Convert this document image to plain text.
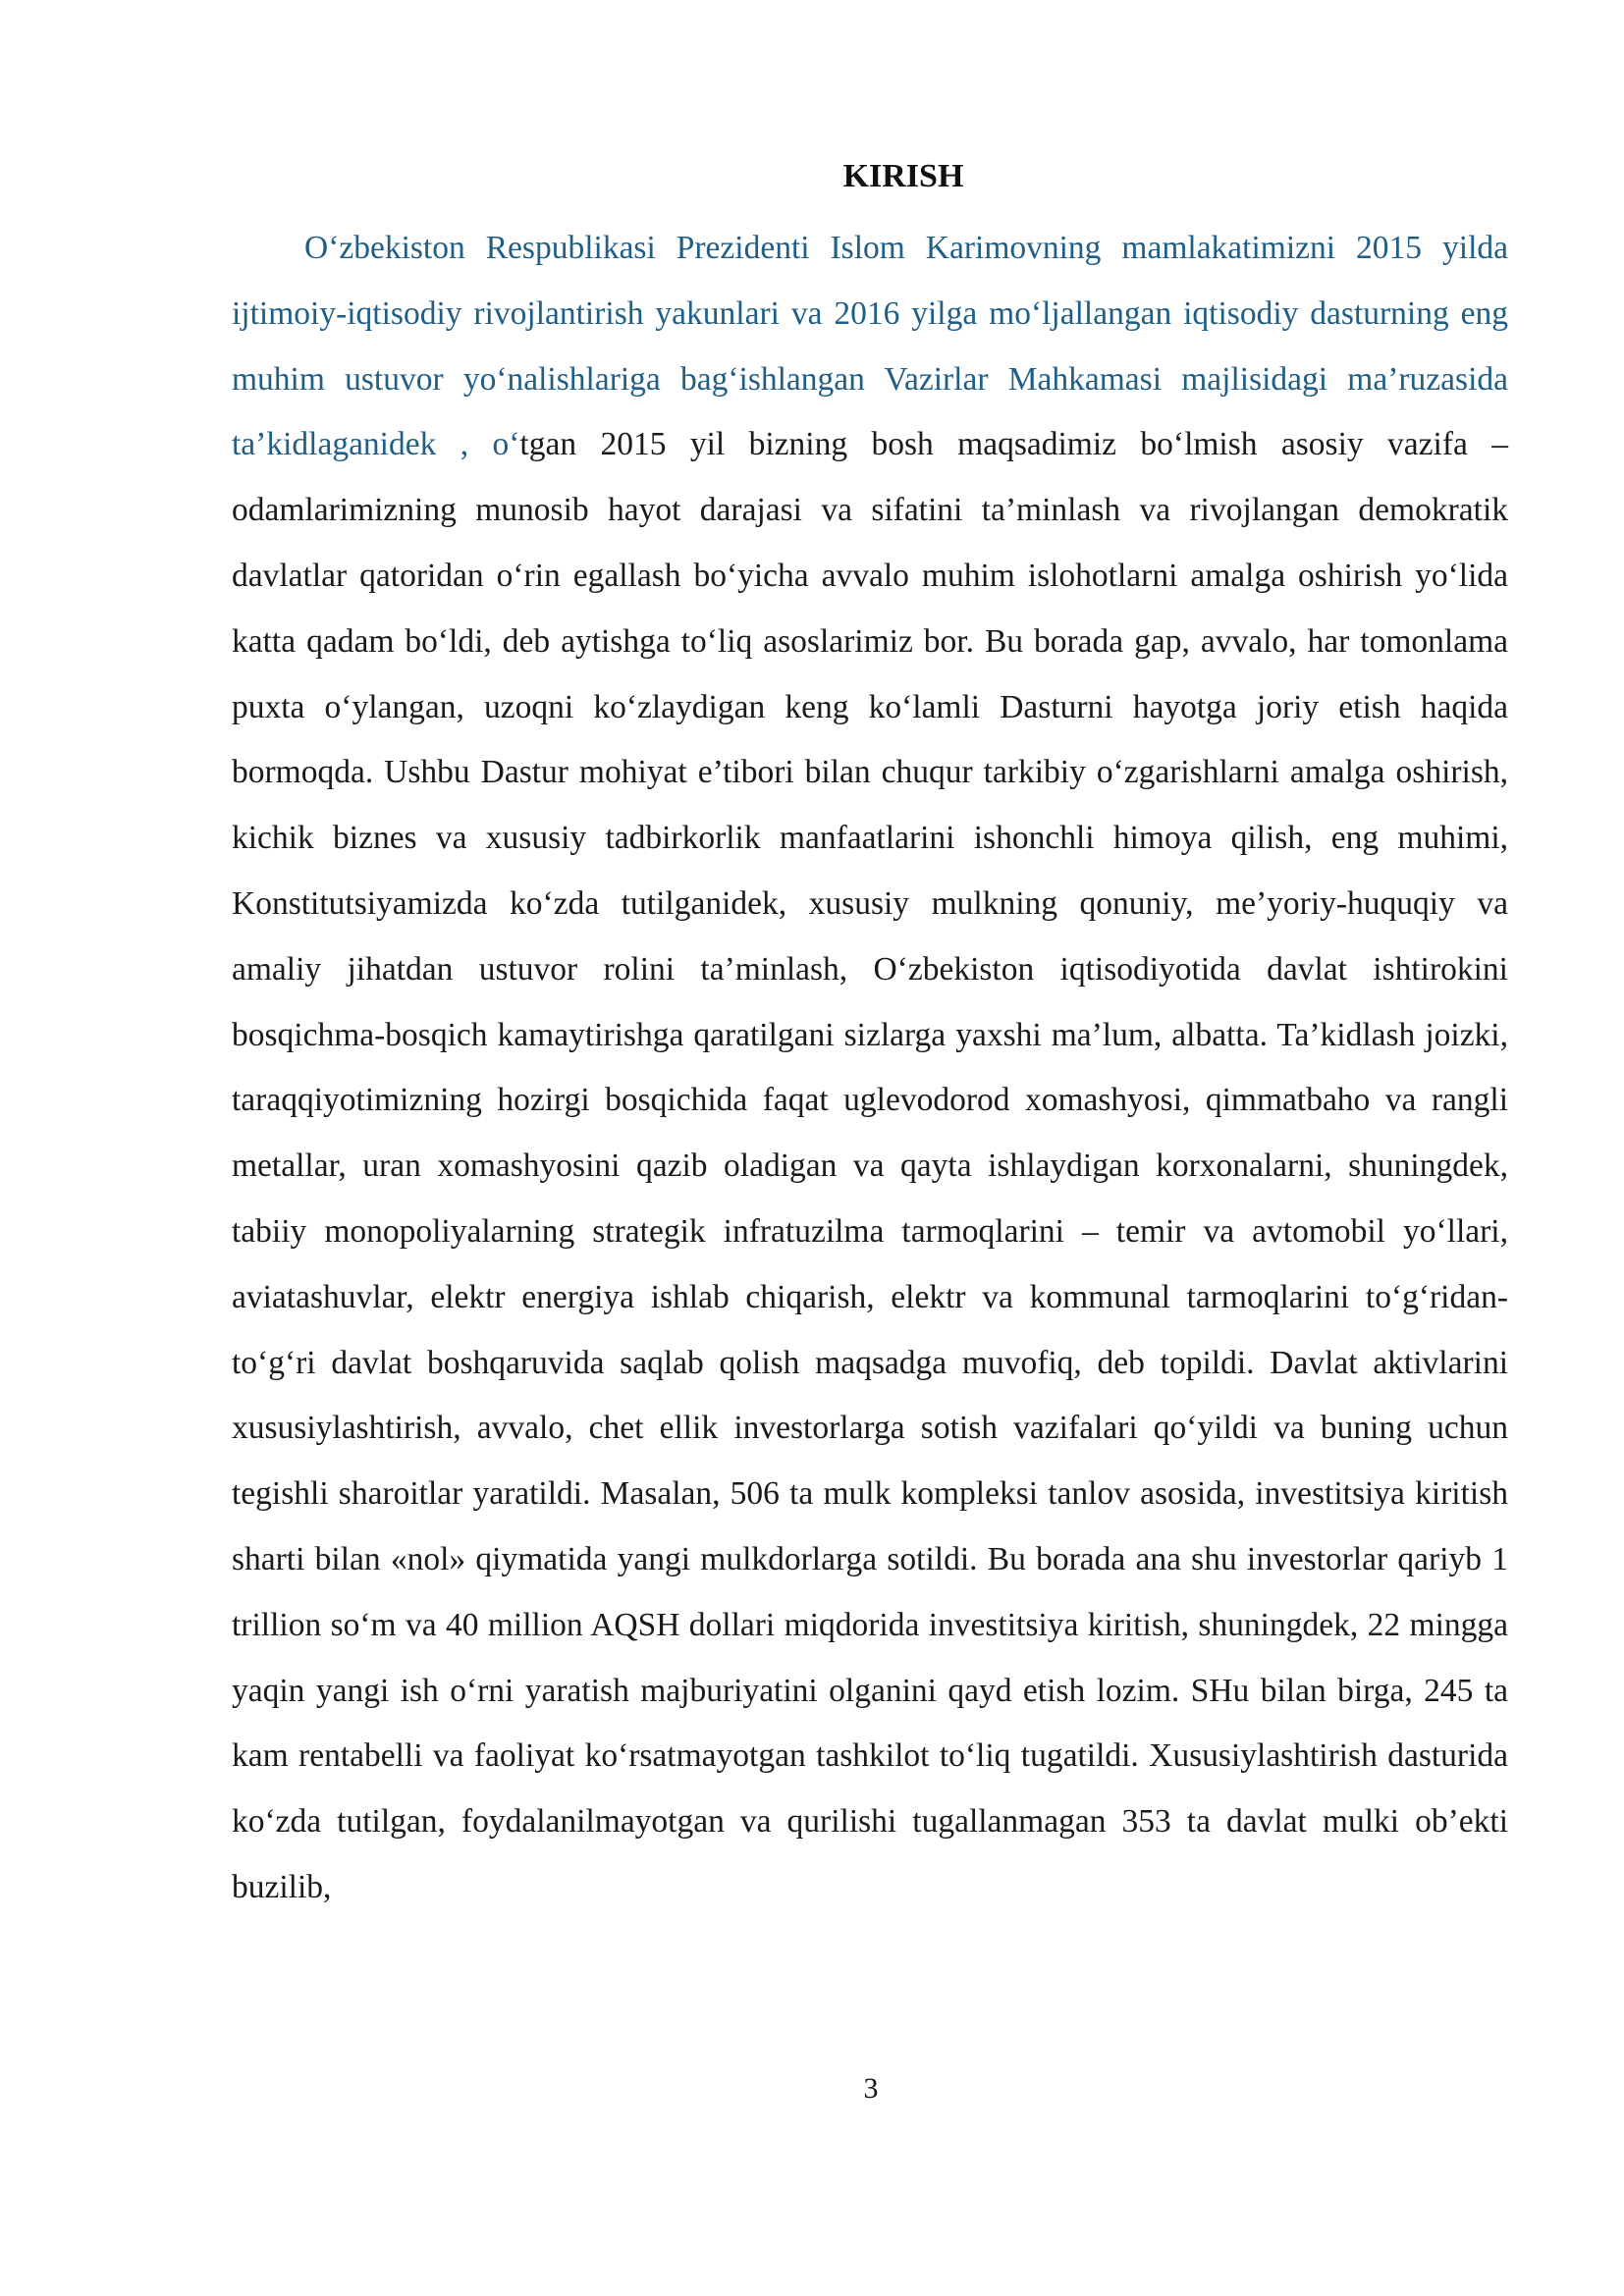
KIRISH

O‘zbekiston Respublikasi Prezidenti Islom Karimovning mamlakatimizni 2015 yilda ijtimoiy-iqtisodiy rivojlantirish yakunlari va 2016 yilga mo‘ljallangan iqtisodiy dasturning eng muhim ustuvor yo‘nalishlariga bag‘ishlangan Vazirlar Mahkamasi majlisidagi ma’ruzasida ta’kidlaganidek , o‘tgan 2015 yil bizning bosh maqsadimiz bo‘lmish asosiy vazifa – odamlarimizning munosib hayot darajasi va sifatini ta’minlash va rivojlangan demokratik davlatlar qatoridan o‘rin egallash bo‘yicha avvalo muhim islohotlarni amalga oshirish yo‘lida katta qadam bo‘ldi, deb aytishga to‘liq asoslarimiz bor. Bu borada gap, avvalo, har tomonlama puxta o‘ylangan, uzoqni ko‘zlaydigan keng ko‘lamli Dasturni hayotga joriy etish haqida bormoqda. Ushbu Dastur mohiyat e’tibori bilan chuqur tarkibiy o‘zgarishlarni amalga oshirish, kichik biznes va xususiy tadbirkorlik manfaatlarini ishonchli himoya qilish, eng muhimi, Konstitutsiyamizda ko‘zda tutilganidek, xususiy mulkning qonuniy, me’yoriy-huquqiy va amaliy jihatdan ustuvor rolini ta’minlash, O‘zbekiston iqtisodiyotida davlat ishtirokini bosqichma-bosqich kamaytirishga qaratilgani sizlarga yaxshi ma’lum, albatta. Ta’kidlash joizki, taraqqiyotimizning hozirgi bosqichida faqat uglevodorod xomashyosi, qimmatbaho va rangli metallar, uran xomashyosini qazib oladigan va qayta ishlaydigan korxonalarni, shuningdek, tabiiy monopoliyalarning strategik infratuzilma tarmoqlarini – temir va avtomobil yo‘llari, aviatashuvlar, elektr energiya ishlab chiqarish, elektr va kommunal tarmoqlarini to‘g‘ridan-to‘g‘ri davlat boshqaruvida saqlab qolish maqsadga muvofiq, deb topildi. Davlat aktivlarini xususiylashtirish, avvalo, chet ellik investorlarga sotish vazifalari qo‘yildi va buning uchun tegishli sharoitlar yaratildi. Masalan, 506 ta mulk kompleksi tanlov asosida, investitsiya kiritish sharti bilan «nol» qiymatida yangi mulkdorlarga sotildi. Bu borada ana shu investorlar qariyb 1 trillion so‘m va 40 million AQSH dollari miqdorida investitsiya kiritish, shuningdek, 22 mingga yaqin yangi ish o‘rni yaratish majburiyatini olganini qayd etish lozim. SHu bilan birga, 245 ta kam rentabelli va faoliyat ko‘rsatmayotgan tashkilot to‘liq tugatildi. Xususiylashtirish dasturida ko‘zda tutilgan, foydalanilmayotgan va qurilishi tugallanmagan 353 ta davlat mulki ob’ekti buzilib,

3
